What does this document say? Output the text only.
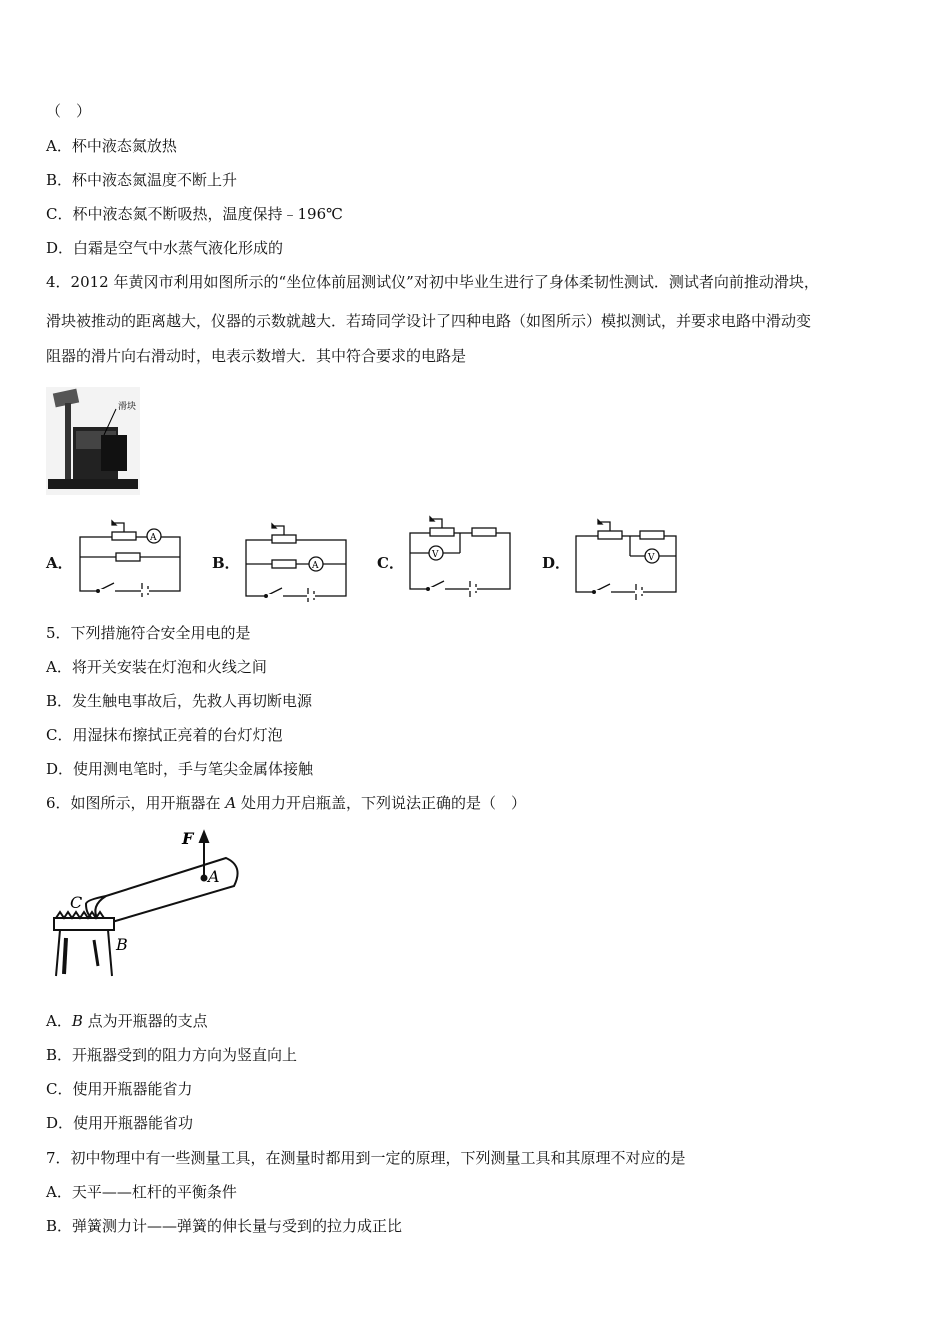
（　）
A．杯中液态氮放热
B．杯中液态氮温度不断上升
C．杯中液态氮不断吸热，温度保持﹣196℃
D．白霜是空气中水蒸气液化形成的
4．2012 年黄冈市利用如图所示的“坐位体前屈测试仪”对初中毕业生进行了身体柔韧性测试．测试者向前推动滑块，
滑块被推动的距离越大，仪器的示数就越大．若琦同学设计了四种电路（如图所示）模拟测试，并要求电路中滑动变
阻器的滑片向右滑动时，电表示数增大．其中符合要求的电路是
滑块
A．
A
B．	A	C．	V	D．	V
5．下列措施符合安全用电的是
A．将开关安装在灯泡和火线之间
B．发生触电事故后，先救人再切断电源
C．用湿抹布擦拭正亮着的台灯灯泡
D．使用测电笔时，手与笔尖金属体接触
6．如图所示，用开瓶器在 A 处用力开启瓶盖，下列说法正确的是（　）
F
A
C
B
A．B 点为开瓶器的支点
B．开瓶器受到的阻力方向为竖直向上
C．使用开瓶器能省力
D．使用开瓶器能省功
7．初中物理中有一些测量工具，在测量时都用到一定的原理，下列测量工具和其原理不对应的是
A．天平——杠杆的平衡条件
B．弹簧测力计——弹簧的伸长量与受到的拉力成正比
